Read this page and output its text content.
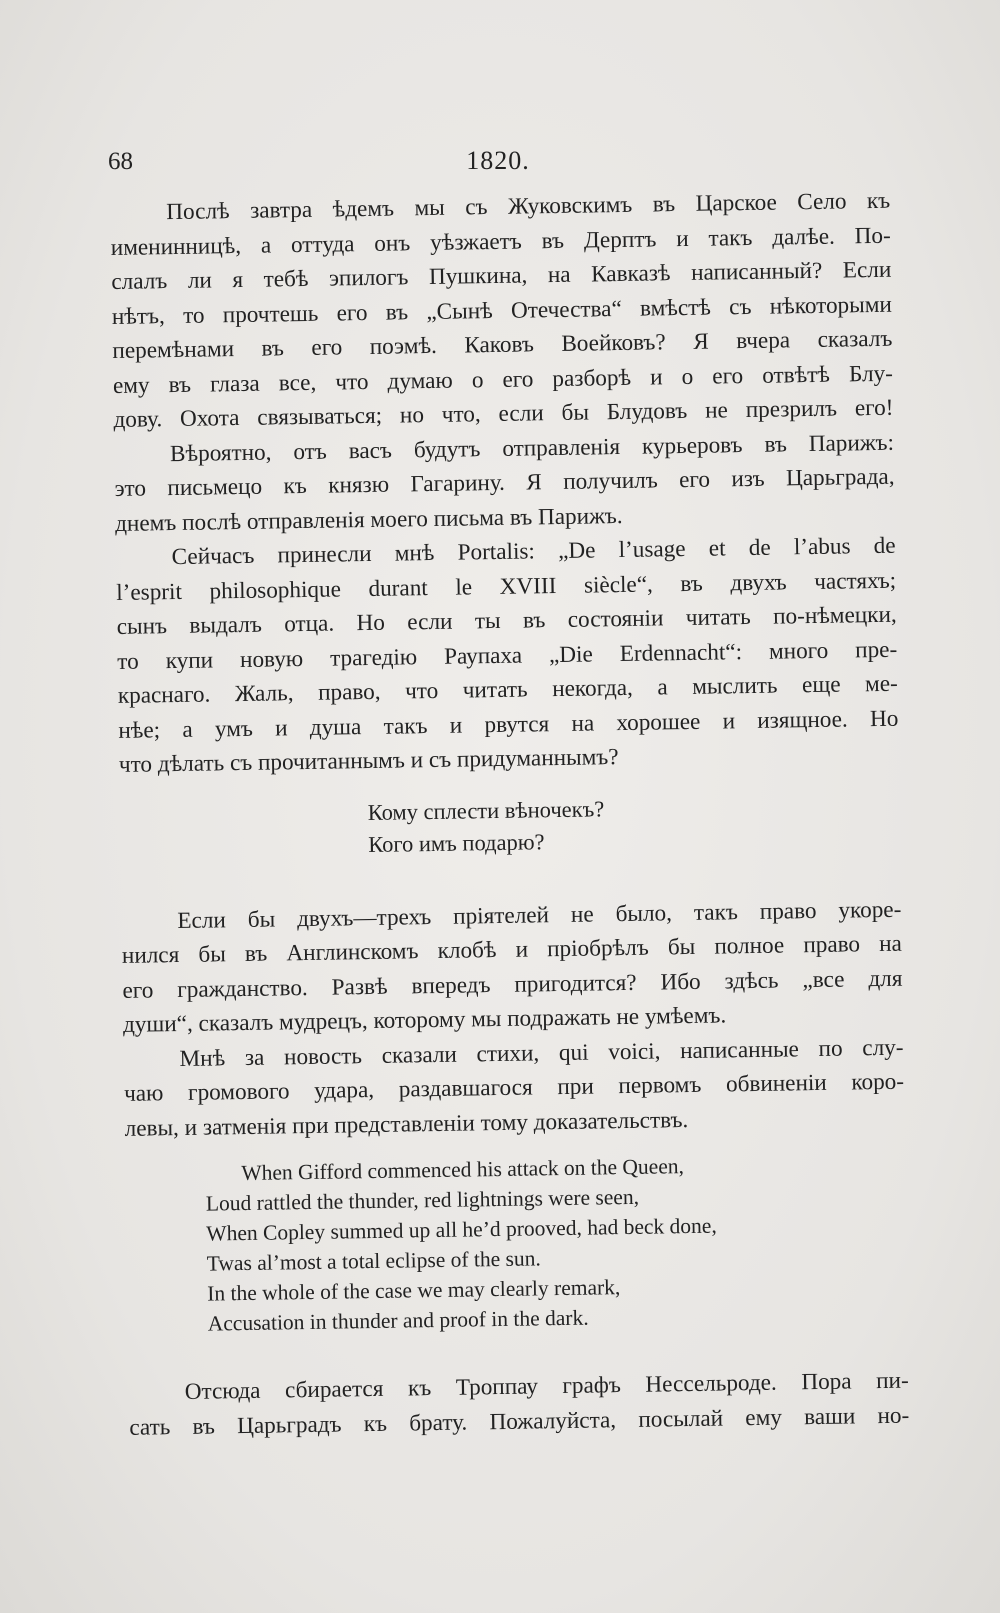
68	1820.

Послѣ завтра ѣдемъ мы съ Жуковскимъ въ Царское Село къ
именинницѣ, а оттуда онъ уѣзжаетъ въ Дерптъ и такъ далѣе. По-
слалъ ли я тебѣ эпилогъ Пушкина, на Кавказѣ написанный? Если
нѣтъ, то прочтешь его въ „Сынѣ Отечества“ вмѣстѣ съ нѣкоторыми
перемѣнами въ его поэмѣ. Каковъ Воейковъ? Я вчера сказалъ
ему въ глаза все, что думаю о его разборѣ и о его отвѣтѣ Блу-
дову. Охота связываться; но что, если бы Блудовъ не презрилъ его!

Вѣроятно, отъ васъ будутъ отправленія курьеровъ въ Парижъ:
это письмецо къ князю Гагарину. Я получилъ его изъ Царьграда,
днемъ послѣ отправленія моего письма въ Парижъ.

Сейчасъ принесли мнѣ Portalis: „De l’usage et de l’abus de
l’esprit philosophique durant le XVIII siècle“, въ двухъ частяхъ;
сынъ выдалъ отца. Но если ты въ состояніи читать по-нѣмецки,
то купи новую трагедію Раупаха „Die Erdennacht“: много пре-
краснаго. Жаль, право, что читать некогда, а мыслить еще ме-
нѣе; а умъ и душа такъ и рвутся на хорошее и изящное. Но
что дѣлать съ прочитаннымъ и съ придуманнымъ?

Кому сплести вѣночекъ?
Кого имъ подарю?

Если бы двухъ—трехъ пріятелей не было, такъ право укоре-
нился бы въ Англинскомъ клобѣ и пріобрѣлъ бы полное право на
его гражданство. Развѣ впередъ пригодится? Ибо здѣсь „все для
души“, сказалъ мудрецъ, которому мы подражать не умѣемъ.

Мнѣ за новость сказали стихи, qui voici, написанные по слу-
чаю громового удара, раздавшагося при первомъ обвиненіи коро-
левы, и затменія при представленіи тому доказательствъ.

When Gifford commenced his attack on the Queen,
Loud rattled the thunder, red lightnings were seen,
When Copley summed up all he’d prooved, had beck done,
Twas al’most a total eclipse of the sun.
In the whole of the case we may clearly remark,
Accusation in thunder and proof in the dark.

Отсюда сбирается къ Троппау графъ Нессельроде. Пора пи-
сать въ Царьградъ къ брату. Пожалуйста, посылай ему ваши но-
